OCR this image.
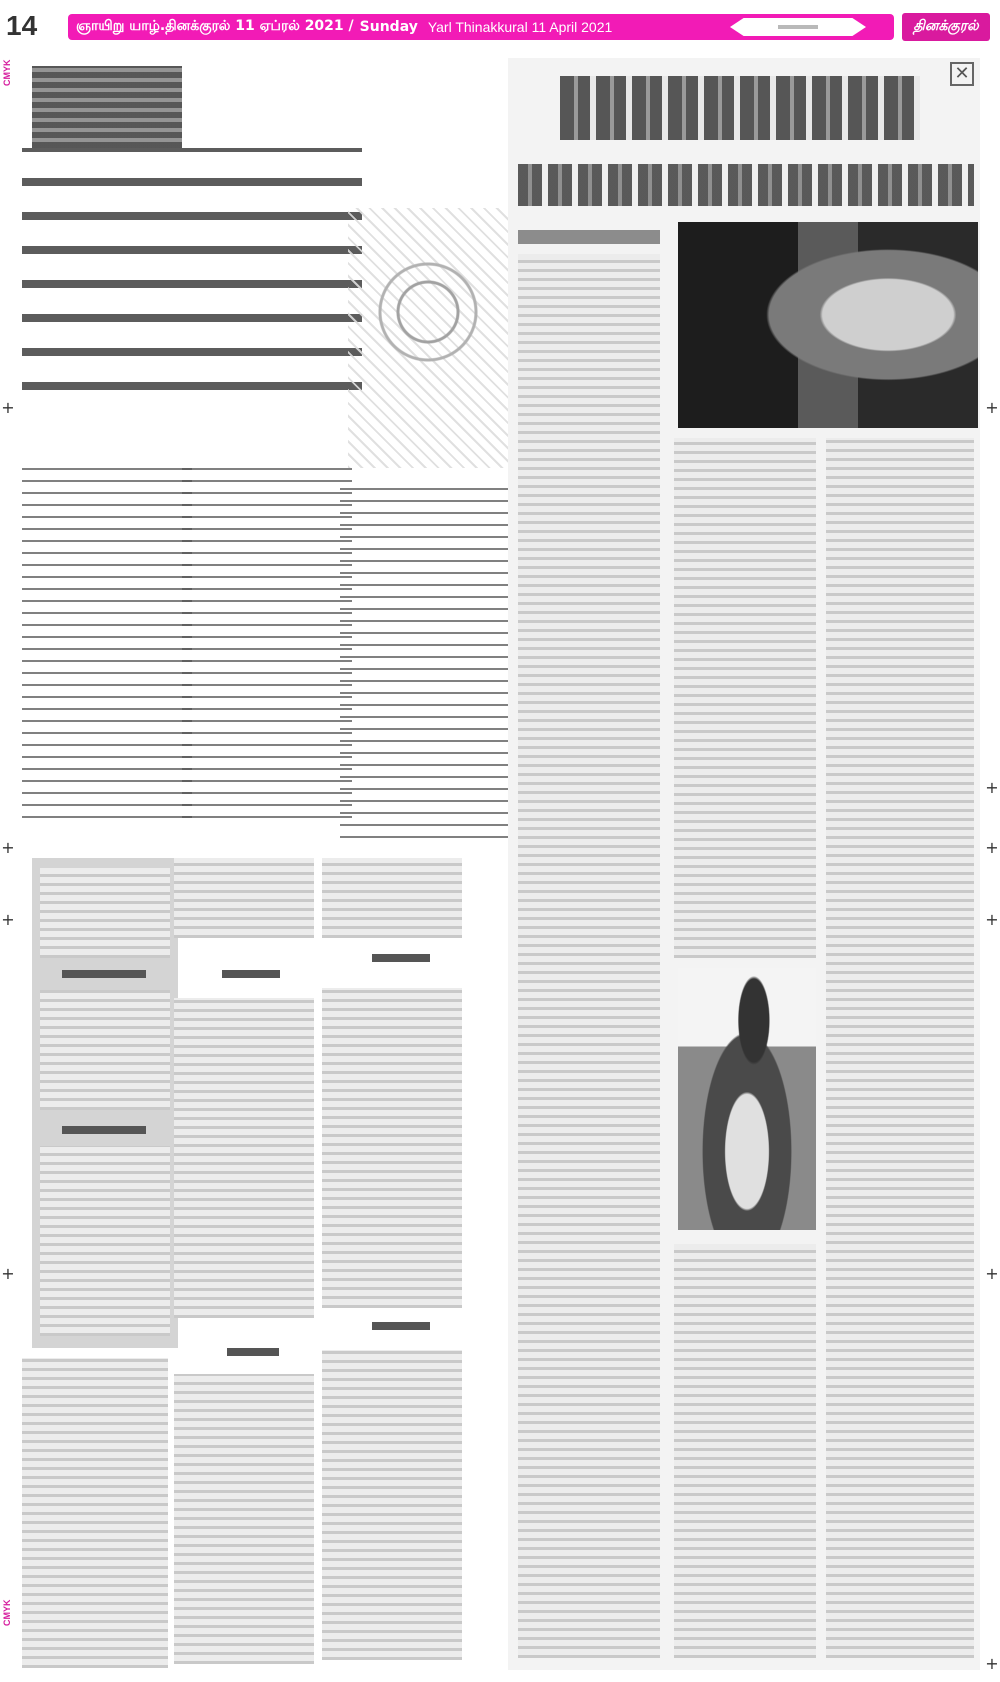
14	ஞாயிறு யாழ்.தினக்குரல் 11 ஏப்ரல் 2021 / Sunday Yarl Thinakkural 11 April 2021	தினக்குரல்
CMYK
CMYK
+
+
+
+
+
+
+
+
+
+
✕
